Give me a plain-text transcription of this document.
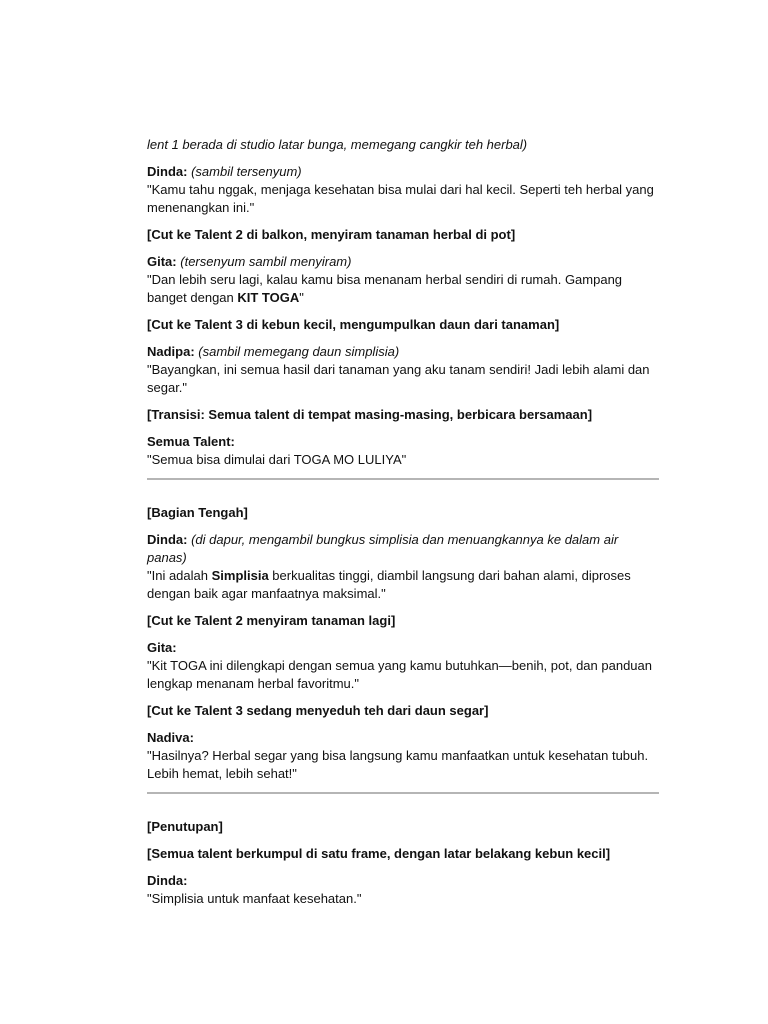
lent 1 berada di studio latar bunga, memegang cangkir teh herbal)

Dinda: (sambil tersenyum)
"Kamu tahu nggak, menjaga kesehatan bisa mulai dari hal kecil. Seperti teh herbal yang menenangkan ini."

[Cut ke Talent 2 di balkon, menyiram tanaman herbal di pot]

Gita: (tersenyum sambil menyiram)
"Dan lebih seru lagi, kalau kamu bisa menanam herbal sendiri di rumah. Gampang banget dengan KIT TOGA"

[Cut ke Talent 3 di kebun kecil, mengumpulkan daun dari tanaman]

Nadipa: (sambil memegang daun simplisia)
"Bayangkan, ini semua hasil dari tanaman yang aku tanam sendiri! Jadi lebih alami dan segar."

[Transisi: Semua talent di tempat masing-masing, berbicara bersamaan]

Semua Talent:
"Semua bisa dimulai dari TOGA MO LULIYA"

[Bagian Tengah]

Dinda: (di dapur, mengambil bungkus simplisia dan menuangkannya ke dalam air panas)
"Ini adalah Simplisia berkualitas tinggi, diambil langsung dari bahan alami, diproses dengan baik agar manfaatnya maksimal."

[Cut ke Talent 2 menyiram tanaman lagi]

Gita:
"Kit TOGA ini dilengkapi dengan semua yang kamu butuhkan—benih, pot, dan panduan lengkap menanam herbal favoritmu."

[Cut ke Talent 3 sedang menyeduh teh dari daun segar]

Nadiva:
"Hasilnya? Herbal segar yang bisa langsung kamu manfaatkan untuk kesehatan tubuh. Lebih hemat, lebih sehat!"

[Penutupan]

[Semua talent berkumpul di satu frame, dengan latar belakang kebun kecil]

Dinda:
"Simplisia untuk manfaat kesehatan."
